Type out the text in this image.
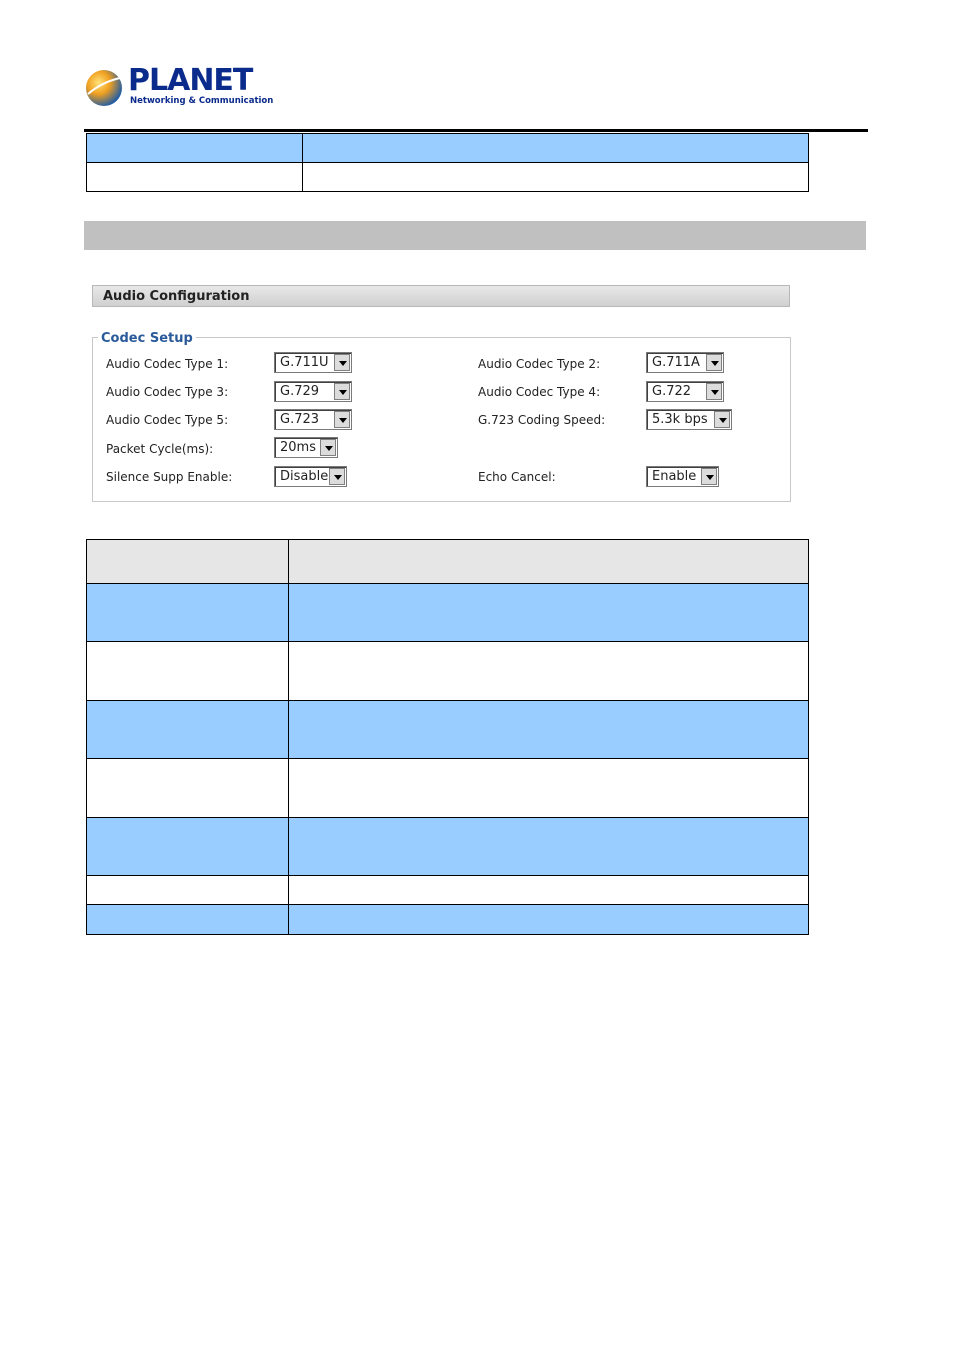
PLANET
Networking & Communication

Audio Configuration
Codec Setup
Audio Codec Type 1:	G.711U
Audio Codec Type 3:	G.729
Audio Codec Type 5:	G.723
Packet Cycle(ms):	20ms
Silence Supp Enable:	Disable
Audio Codec Type 2:	G.711A
Audio Codec Type 4:	G.722
G.723 Coding Speed:	5.3k bps
Echo Cancel:	Enable
